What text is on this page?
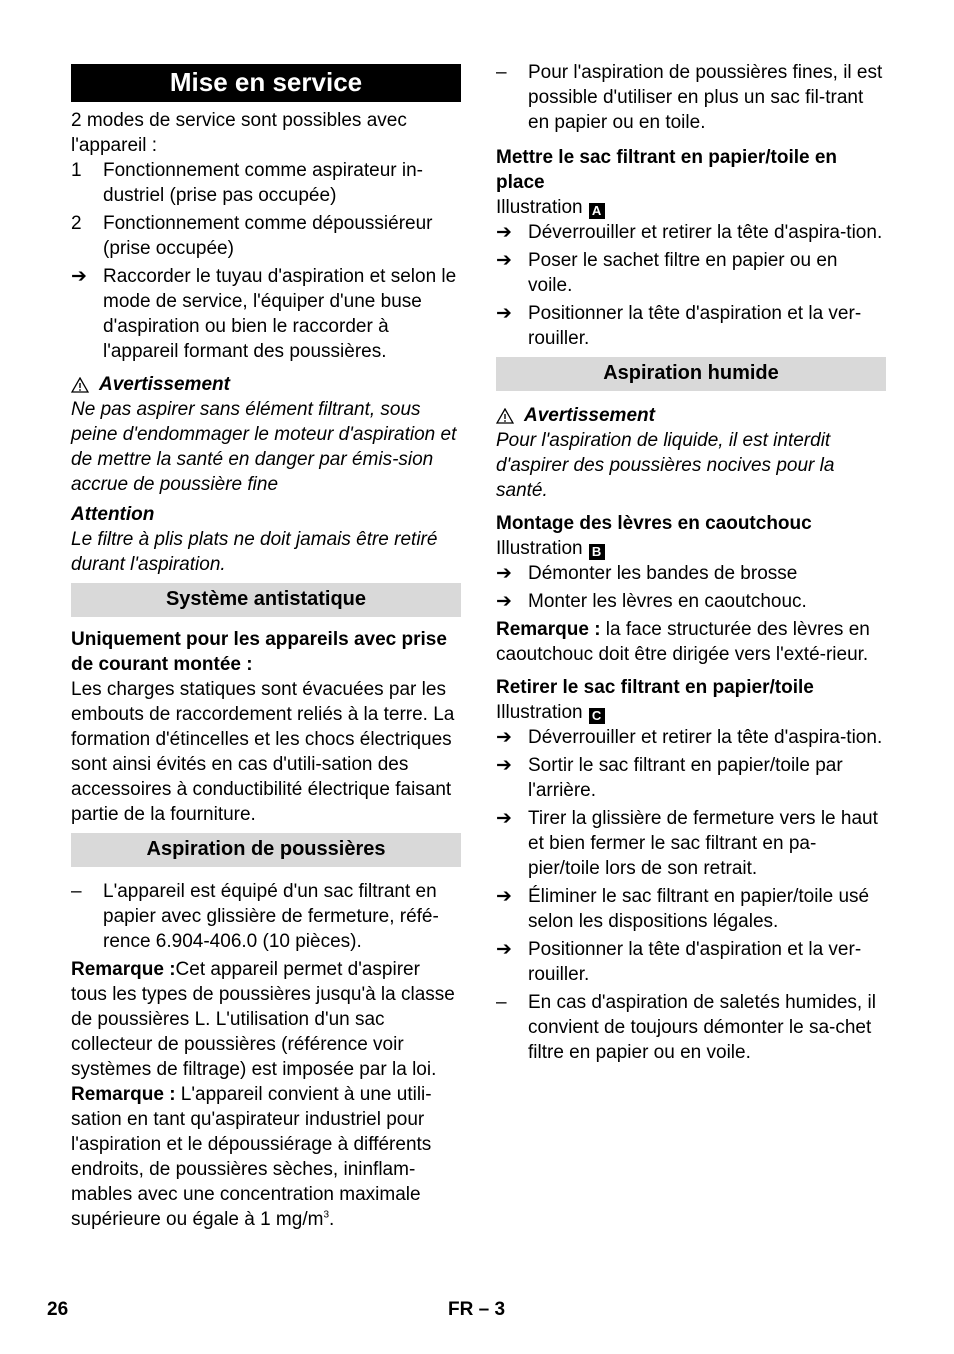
Mise en service

2 modes de service sont possibles avec l'appareil :

1 Fonctionnement comme aspirateur in-dustriel (prise pas occupée)
2 Fonctionnement comme dépoussiéreur (prise occupée)
➔ Raccorder le tuyau d'aspiration et selon le mode de service, l'équiper d'une buse d'aspiration ou bien le raccorder à l'appareil formant des poussières.
Avertissement

Ne pas aspirer sans élément filtrant, sous peine d'endommager le moteur d'aspiration et de mettre la santé en danger par émis-sion accrue de poussière fine

Attention

Le filtre à plis plats ne doit jamais être retiré durant l'aspiration.

Système antistatique

Uniquement pour les appareils avec prise de courant montée :

Les charges statiques sont évacuées par les embouts de raccordement reliés à la terre. La formation d'étincelles et les chocs électriques sont ainsi évités en cas d'utili-sation des accessoires à conductibilité électrique faisant partie de la fourniture.

Aspiration de poussières
– L'appareil est équipé d'un sac filtrant en papier avec glissière de fermeture, réfé-rence 6.904-406.0 (10 pièces).

Remarque :Cet appareil permet d'aspirer tous les types de poussières jusqu'à la classe de poussières L. L'utilisation d'un sac collecteur de poussières (référence voir systèmes de filtrage) est imposée par la loi.

Remarque : L'appareil convient à une utili-sation en tant qu'aspirateur industriel pour l'aspiration et le dépoussiérage à différents endroits, de poussières sèches, ininflam-mables avec une concentration maximale supérieure ou égale à 1 $mg/m^3$.

– Pour l'aspiration de poussières fines, il est possible d'utiliser en plus un sac fil-trant en papier ou en toile.

Mettre le sac filtrant en papier/toile en place

Illustration A

➔ Déverrouiller et retirer la tête d'aspira-tion.
➔ Poser le sachet filtre en papier ou en voile.
➔ Positionner la tête d'aspiration et la ver-rouiller.
Aspiration humide
Avertissement

Pour l'aspiration de liquide, il est interdit d'aspirer des poussières nocives pour la santé.

Montage des lèvres en caoutchouc

Illustration B

➔ Démonter les bandes de brosse
➔ Monter les lèvres en caoutchouc.

Remarque : la face structurée des lèvres en caoutchouc doit être dirigée vers l'exté-rieur.

Retirer le sac filtrant en papier/toile

Illustration C

➔ Déverrouiller et retirer la tête d'aspira-tion.
➔ Sortir le sac filtrant en papier/toile par l'arrière.
➔ Tirer la glissière de fermeture vers le haut et bien fermer le sac filtrant en pa-pier/toile lors de son retrait.
➔ Éliminer le sac filtrant en papier/toile usé selon les dispositions légales.
➔ Positionner la tête d'aspiration et la ver-rouiller.
– En cas d'aspiration de saletés humides, il convient de toujours démonter le sa-chet filtre en papier ou en voile.
26	FR – 3
